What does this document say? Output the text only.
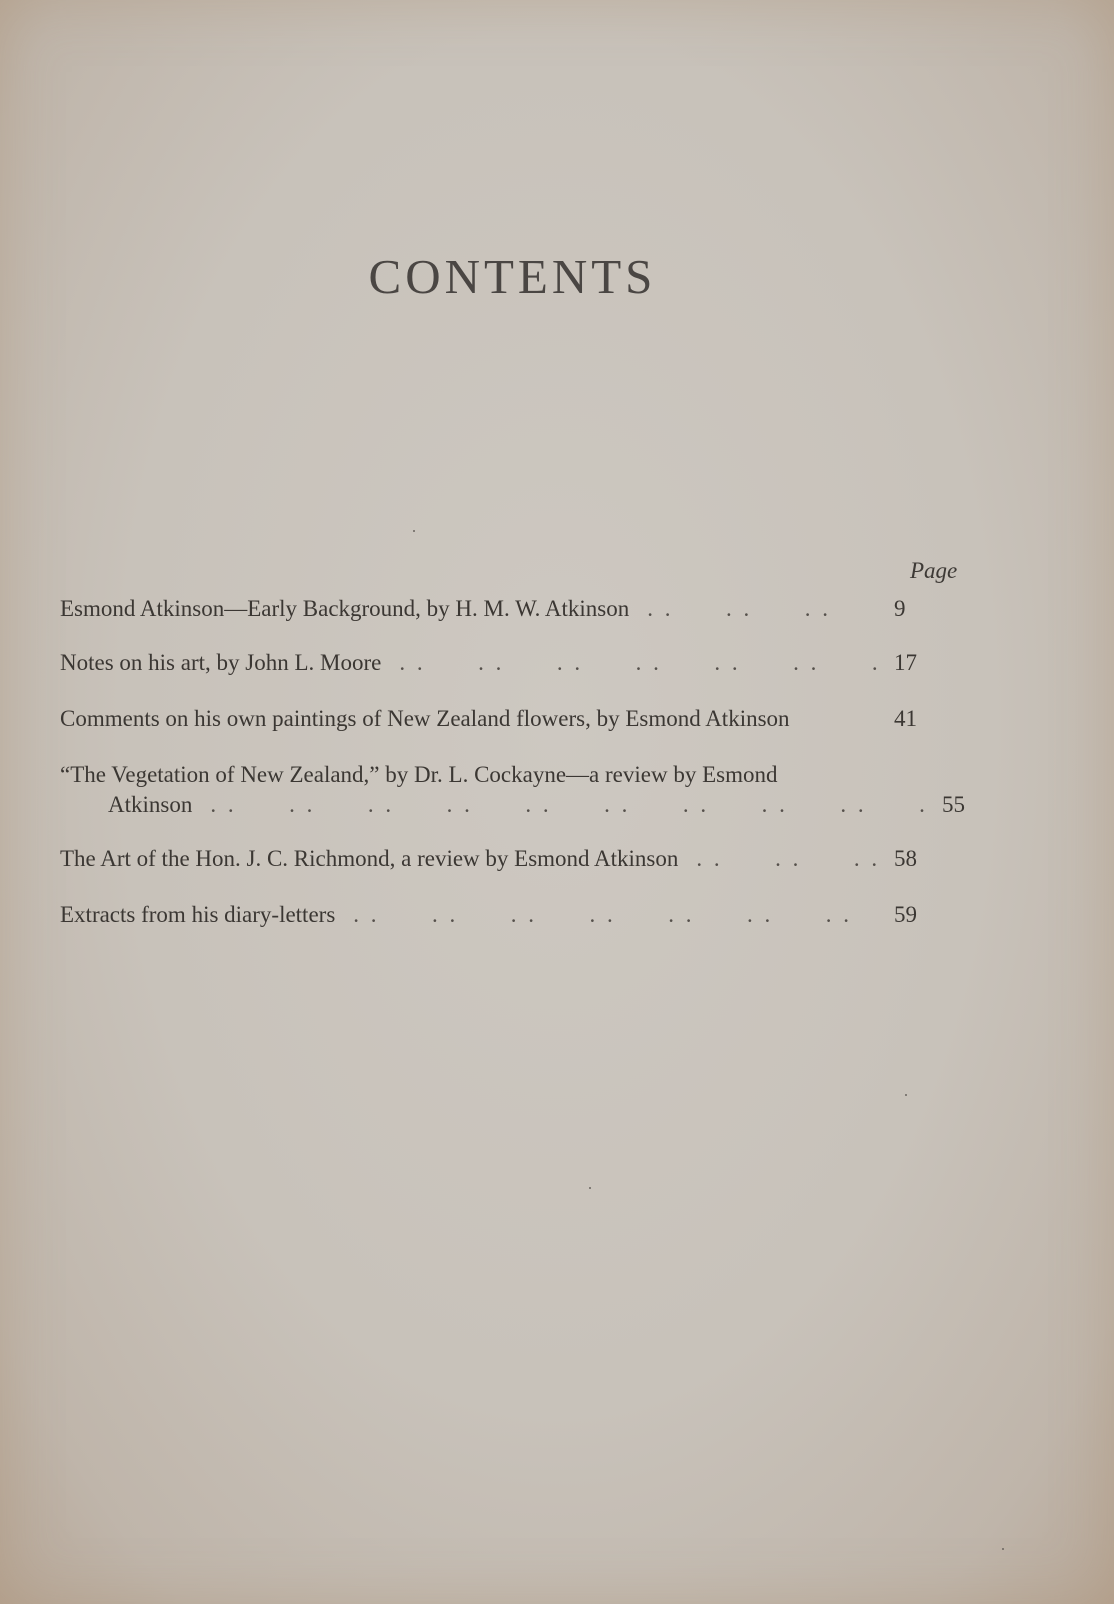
CONTENTS
Page
Esmond Atkinson—Early Background, by H. M. W. Atkinson . .	9
Notes on his art, by John L. Moore . .	17
Comments on his own paintings of New Zealand flowers, by Esmond Atkinson	41
“The Vegetation of New Zealand,” by Dr. L. Cockayne—a review by Esmond
Atkinson . .	55
The Art of the Hon. J. C. Richmond, a review by Esmond Atkinson . .	58
Extracts from his diary-letters . .	59
